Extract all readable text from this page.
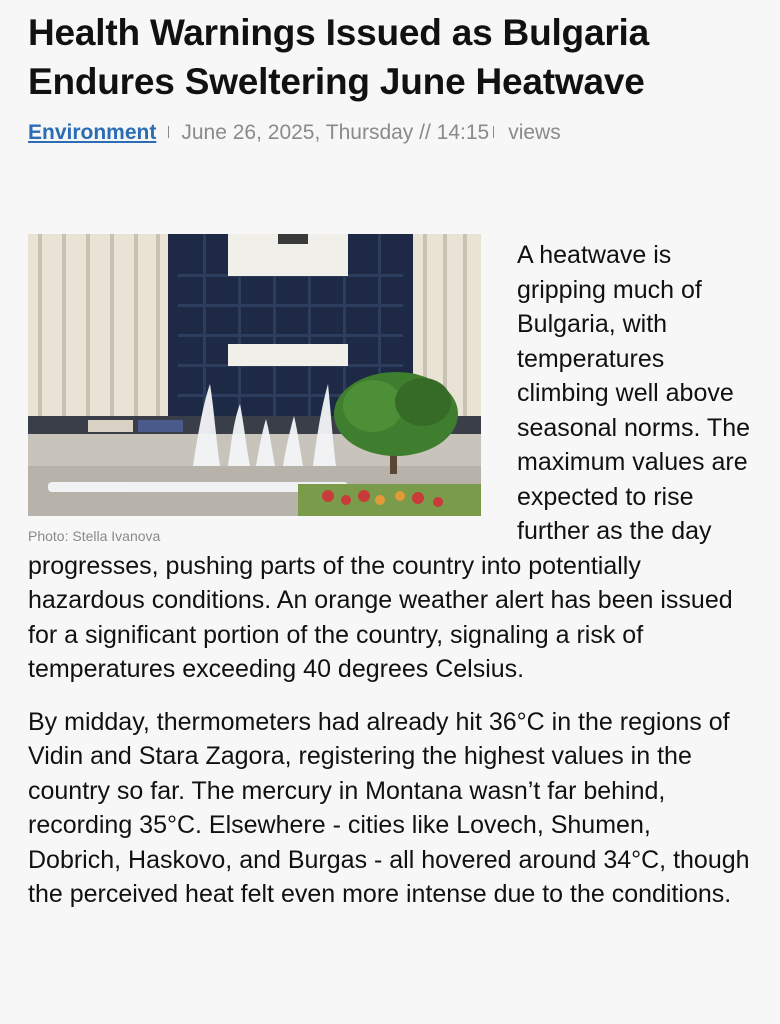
Health Warnings Issued as Bulgaria Endures Sweltering June Heatwave
Environment June 26, 2025, Thursday // 14:15 views
Photo: Stella Ivanova

A heatwave is gripping much of Bulgaria, with temperatures climbing well above seasonal norms. The maximum values are expected to rise further as the day progresses, pushing parts of the country into potentially hazardous conditions. An orange weather alert has been issued for a significant portion of the country, signaling a risk of temperatures exceeding 40 degrees Celsius.

By midday, thermometers had already hit 36°C in the regions of Vidin and Stara Zagora, registering the highest values in the country so far. The mercury in Montana wasn’t far behind, recording 35°C. Elsewhere - cities like Lovech, Shumen, Dobrich, Haskovo, and Burgas - all hovered around 34°C, though the perceived heat felt even more intense due to the conditions.
